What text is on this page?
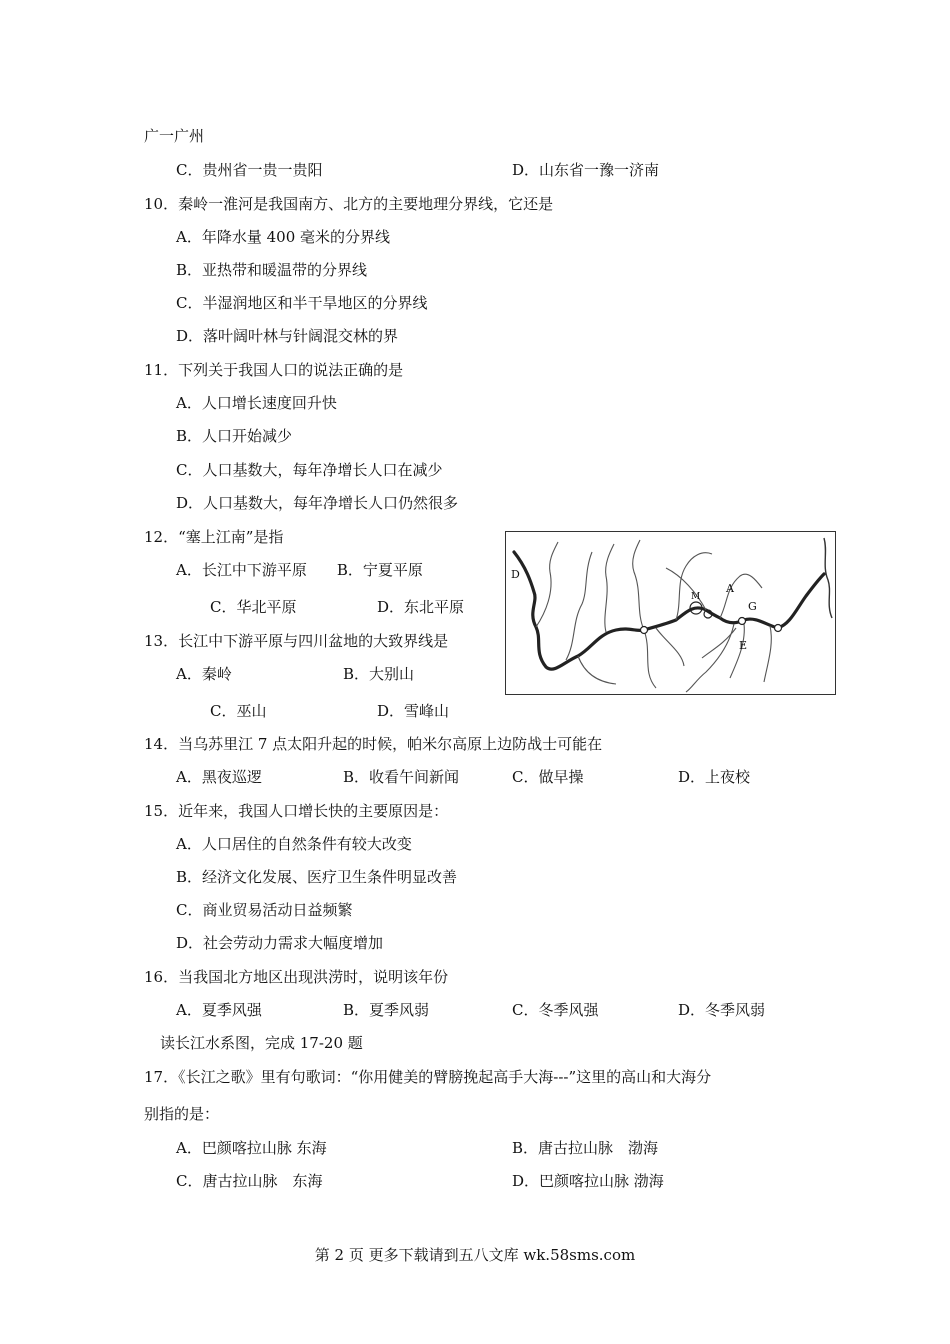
广一广州
C．贵州省一贵一贵阳	D．山东省一豫一济南
10．秦岭一淮河是我国南方、北方的主要地理分界线，它还是
A．年降水量 400 毫米的分界线
B．亚热带和暖温带的分界线
C．半湿润地区和半干旱地区的分界线
D．落叶阔叶林与针阔混交林的界
11．下列关于我国人口的说法正确的是
A．人口增长速度回升快
B．人口开始减少
C．人口基数大，每年净增长人口在减少
D．人口基数大，每年净增长人口仍然很多
12．“塞上江南”是指
A．长江中下游平原　　B．宁夏平原
C．华北平原	D．东北平原
13．长江中下游平原与四川盆地的大致界线是
A．秦岭	B．大别山
C．巫山	D．雪峰山
14．当乌苏里江 7 点太阳升起的时候，帕米尔高原上边防战士可能在
A．黑夜巡逻	B．收看午间新闻	C．做早操	D．上夜校
15．近年来，我国人口增长快的主要原因是：
A．人口居住的自然条件有较大改变
B．经济文化发展、医疗卫生条件明显改善
C．商业贸易活动日益频繁
D．社会劳动力需求大幅度增加
16．当我国北方地区出现洪涝时，说明该年份
A．夏季风强	B．夏季风弱	C．冬季风强	D．冬季风弱
读长江水系图，完成 17-20 题
17．《长江之歌》里有句歌词：“你用健美的臂膀挽起高手大海---”这里的高山和大海分
别指的是：
A．巴颜喀拉山脉 东海	B．唐古拉山脉　渤海
C．唐古拉山脉　东海	D．巴颜喀拉山脉 渤海
D
A
M
G
E
第 2 页 更多下载请到五八文库 wk.58sms.com
